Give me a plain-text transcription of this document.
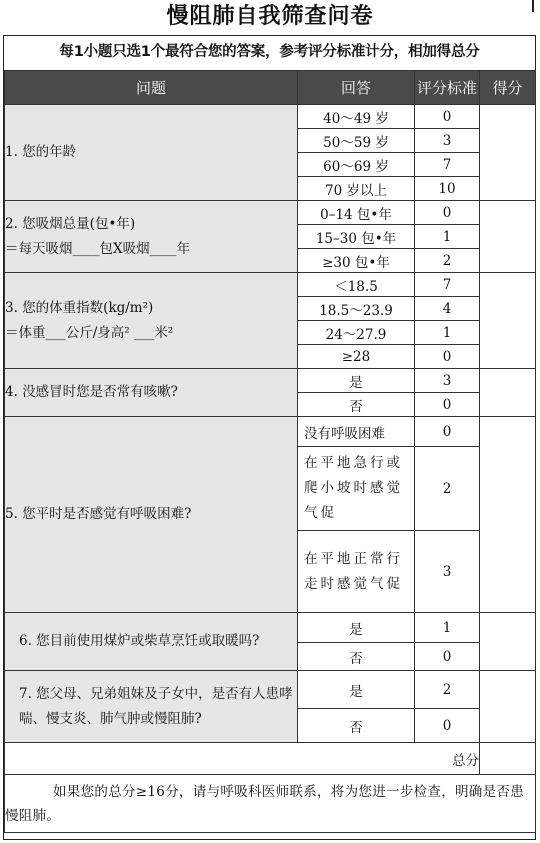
慢阻肺自我筛查问卷
每1小题只选1个最符合您的答案，参考评分标准计分，相加得总分
问题	回答	评分标准	得分

1. 您的年龄	40～49 岁	0	
	50～59 岁	3	
	60～69 岁	7	
	70 岁以上	10	

2. 您吸烟总量(包•年)
＝每天吸烟____包X吸烟____年	0–14 包•年	0	
	15–30 包•年	1	
	≥30 包•年	2	

3. 您的体重指数(kg/m²)
＝体重___公斤/身高² ___米²	＜18.5	7	
	18.5～23.9	4	
	24～27.9	1	
	≥28	0	

4. 没感冒时您是否常有咳嗽?	是	3	
	否	0	

5. 您平时是否感觉有呼吸困难?	没有呼吸困难	0	
	在平地急行或爬小坡时感觉气促	2	
	在平地正常行走时感觉气促	3	

6. 您目前使用煤炉或柴草烹饪或取暖吗?	是	1	
	否	0	

7. 您父母、兄弟姐妹及子女中，是否有人患哮喘、慢支炎、肺气肿或慢阻肺?	是	2	
	否	0	
总分			
如果您的总分≥16分，请与呼吸科医师联系，将为您进一步检查，明确是否患慢阻肺。			
